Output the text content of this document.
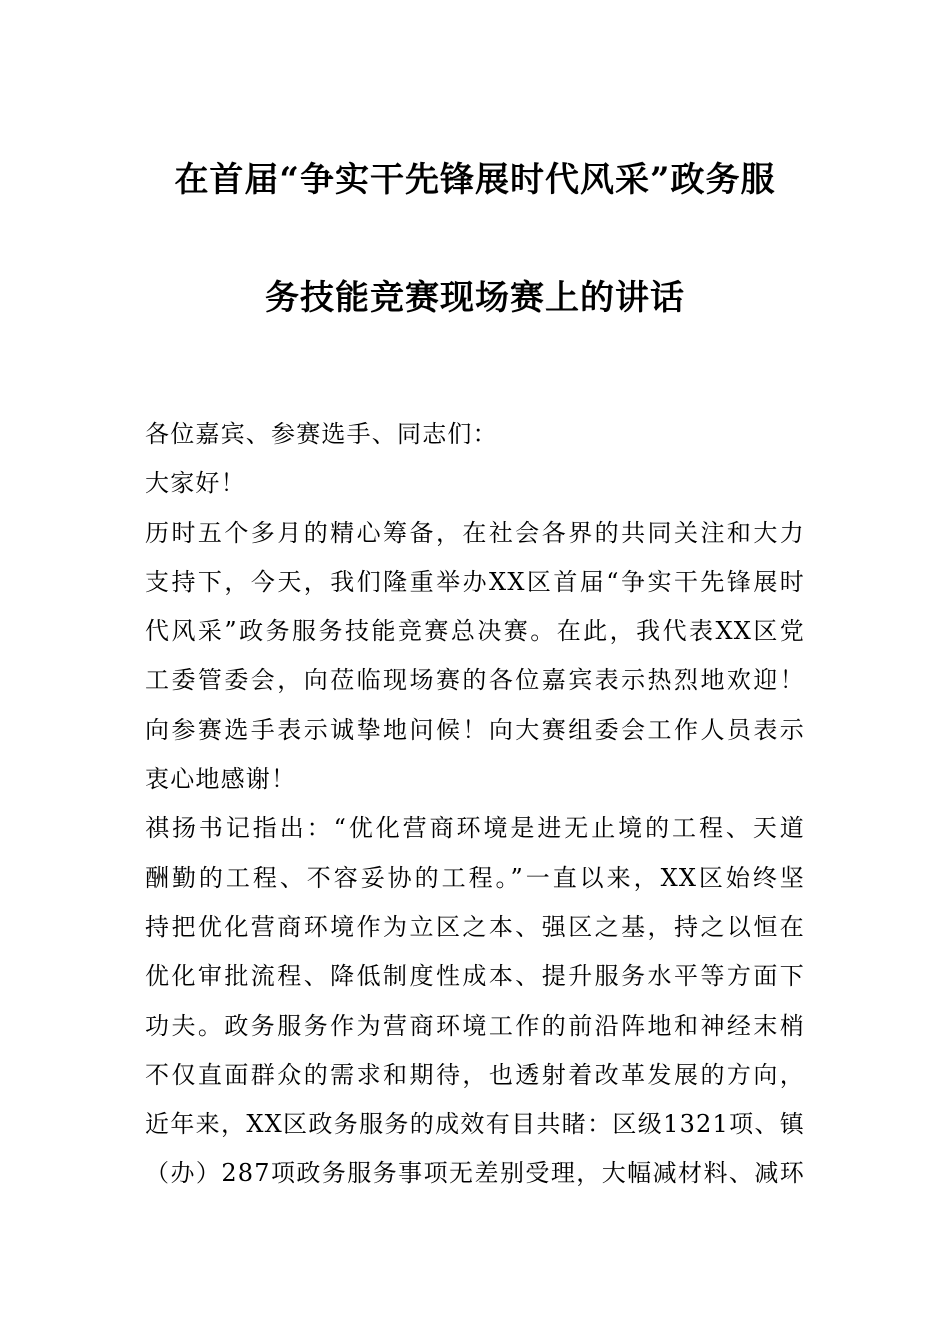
在首届“争实干先锋展时代风采”政务服
务技能竞赛现场赛上的讲话
各位嘉宾、参赛选手、同志们：
大家好！
历时五个多月的精心筹备，在社会各界的共同关注和大力
支持下，今天，我们隆重举办XX区首届“争实干先锋展时
代风采”政务服务技能竞赛总决赛。在此，我代表XX区党
工委管委会，向莅临现场赛的各位嘉宾表示热烈地欢迎！
向参赛选手表示诚挚地问候！向大赛组委会工作人员表示
衷心地感谢！
祺扬书记指出：“优化营商环境是进无止境的工程、天道
酬勤的工程、不容妥协的工程。”一直以来，XX区始终坚
持把优化营商环境作为立区之本、强区之基，持之以恒在
优化审批流程、降低制度性成本、提升服务水平等方面下
功夫。政务服务作为营商环境工作的前沿阵地和神经末梢
不仅直面群众的需求和期待，也透射着改革发展的方向，
近年来，XX区政务服务的成效有目共睹：区级1321项、镇
（办）287项政务服务事项无差别受理，大幅减材料、减环
